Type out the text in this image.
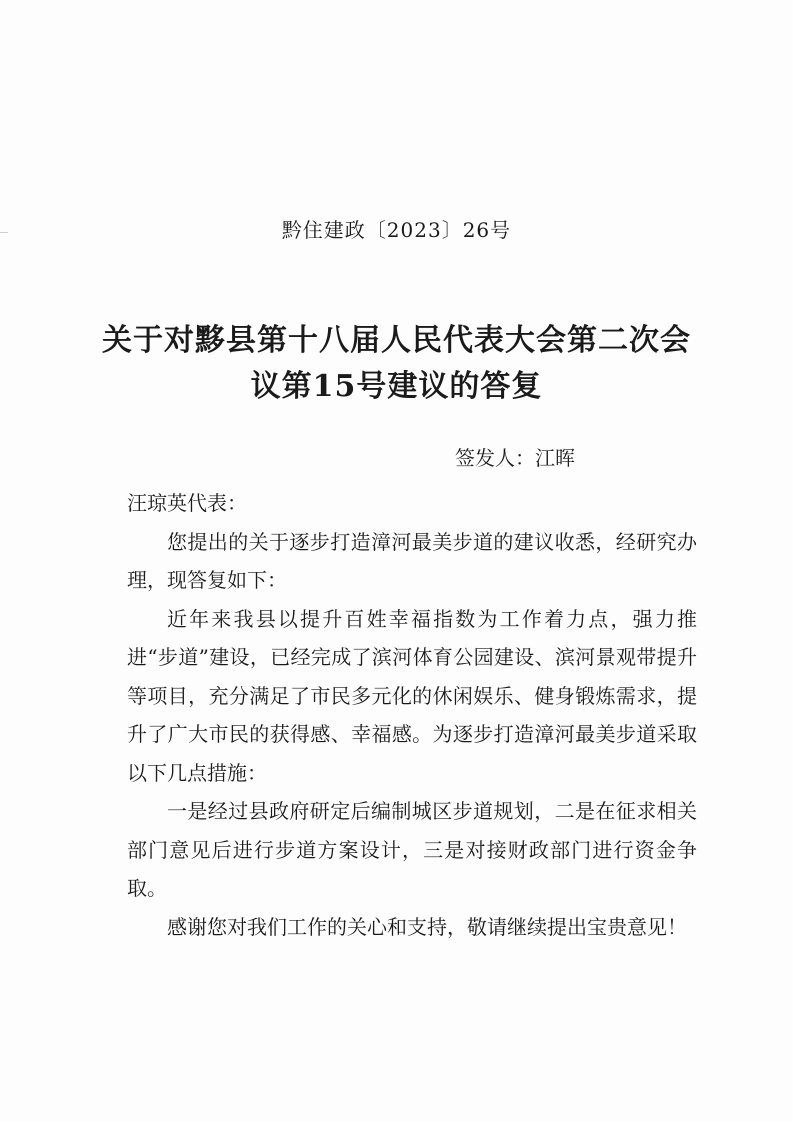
黔住建政〔2023〕26号
关于对黟县第十八届人民代表大会第二次会
议第15号建议的答复
签发人：江晖

汪琼英代表：

您提出的关于逐步打造漳河最美步道的建议收悉，经研究办理，现答复如下：

近年来我县以提升百姓幸福指数为工作着力点，强力推进“步道”建设，已经完成了滨河体育公园建设、滨河景观带提升等项目，充分满足了市民多元化的休闲娱乐、健身锻炼需求，提升了广大市民的获得感、幸福感。为逐步打造漳河最美步道采取以下几点措施：

一是经过县政府研定后编制城区步道规划，二是在征求相关部门意见后进行步道方案设计，三是对接财政部门进行资金争取。

感谢您对我们工作的关心和支持，敬请继续提出宝贵意见！
